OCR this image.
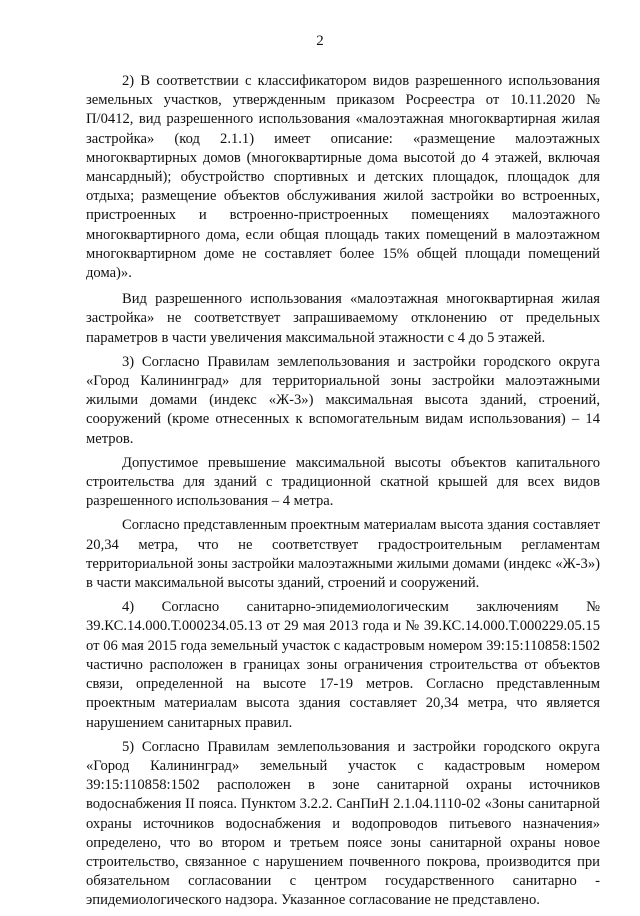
2

2) В соответствии с классификатором видов разрешенного использования земельных участков, утвержденным приказом Росреестра от 10.11.2020 № П/0412, вид разрешенного использования «малоэтажная многоквартирная жилая застройка» (код 2.1.1) имеет описание: «размещение малоэтажных многоквартирных домов (многоквартирные дома высотой до 4 этажей, включая мансардный); обустройство спортивных и детских площадок, площадок для отдыха; размещение объектов обслуживания жилой застройки во встроенных, пристроенных и встроенно-пристроенных помещениях малоэтажного многоквартирного дома, если общая площадь таких помещений в малоэтажном многоквартирном доме не составляет более 15% общей площади помещений дома)».

Вид разрешенного использования «малоэтажная многоквартирная жилая застройка» не соответствует запрашиваемому отклонению от предельных параметров в части увеличения максимальной этажности с 4 до 5 этажей.

3) Согласно Правилам землепользования и застройки городского округа «Город Калининград» для территориальной зоны застройки малоэтажными жилыми домами (индекс «Ж-3») максимальная высота зданий, строений, сооружений (кроме отнесенных к вспомогательным видам использования) – 14 метров.

Допустимое превышение максимальной высоты объектов капитального строительства для зданий с традиционной скатной крышей для всех видов разрешенного использования – 4 метра.

Согласно представленным проектным материалам высота здания составляет 20,34 метра, что не соответствует градостроительным регламентам территориальной зоны застройки малоэтажными жилыми домами (индекс «Ж-3») в части максимальной высоты зданий, строений и сооружений.

4) Согласно санитарно-эпидемиологическим заключениям № 39.КС.14.000.Т.000234.05.13 от 29 мая 2013 года и № 39.КС.14.000.Т.000229.05.15 от 06 мая 2015 года земельный участок с кадастровым номером 39:15:110858:1502 частично расположен в границах зоны ограничения строительства от объектов связи, определенной на высоте 17-19 метров. Согласно представленным проектным материалам высота здания составляет 20,34 метра, что является нарушением санитарных правил.

5) Согласно Правилам землепользования и застройки городского округа «Город Калининград» земельный участок с кадастровым номером 39:15:110858:1502 расположен в зоне санитарной охраны источников водоснабжения II пояса. Пунктом 3.2.2. СанПиН 2.1.04.1110-02 «Зоны санитарной охраны источников водоснабжения и водопроводов питьевого назначения» определено, что во втором и третьем поясе зоны санитарной охраны новое строительство, связанное с нарушением почвенного покрова, производится при обязательном согласовании с центром государственного санитарно - эпидемиологического надзора. Указанное согласование не представлено.
